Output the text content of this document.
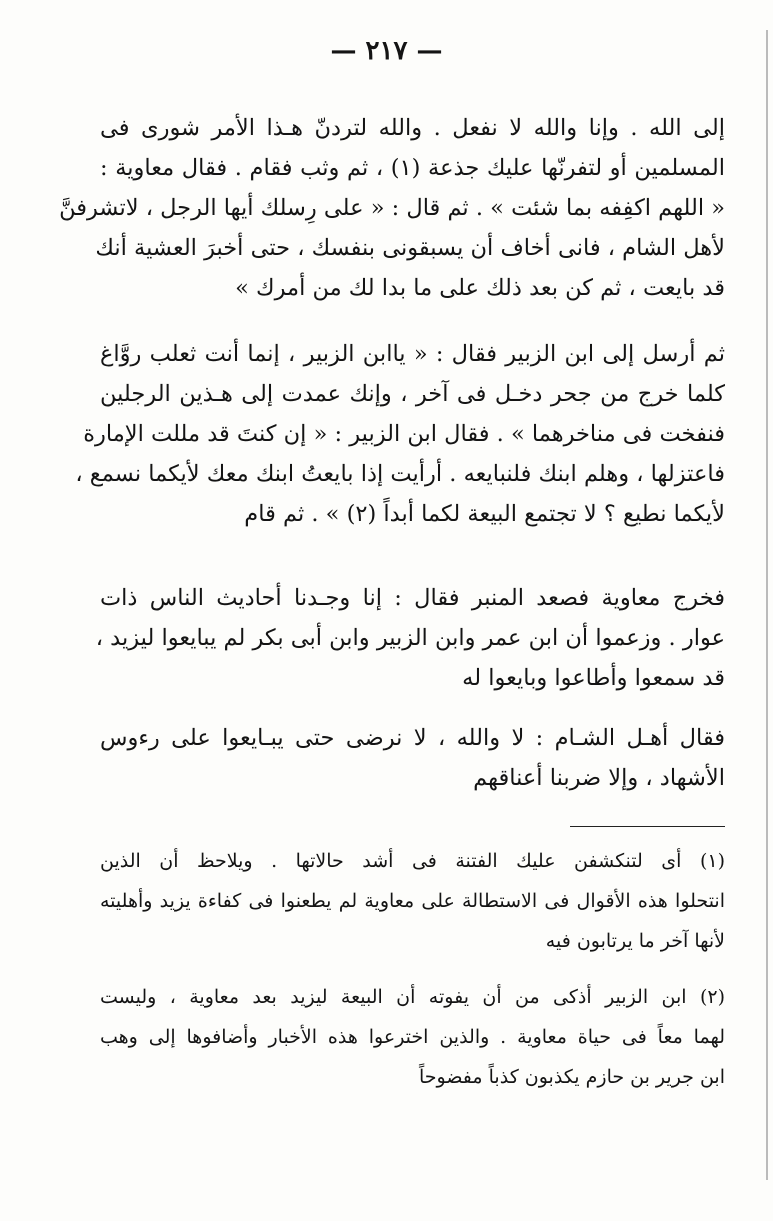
— ٢١٧ —

إلى الله . وإنا والله لا نفعل . والله لتردنّ هـذا الأمر شورى فى
المسلمين أو لتفرنّها عليك جذعة (١) ، ثم وثب فقام . فقال معاوية :
« اللهم اكفِفه بما شئت » . ثم قال : « على رِسلك أيها الرجل ، لاتشرفنَّ
لأهل الشام ، فانى أخاف أن يسبقونى بنفسك ، حتى أخبرَ العشية أنك
قد بايعت ، ثم كن بعد ذلك على ما بدا لك من أمرك »

ثم أرسل إلى ابن الزبير فقال : « ياابن الزبير ، إنما أنت ثعلب روَّاغ
كلما خرج من جحر دخـل فى آخر ، وإنك عمدت إلى هـذين الرجلين
فنفخت فى مناخرهما » . فقال ابن الزبير : « إن كنتَ قد مللت الإمارة
فاعتزلها ، وهلم ابنك فلنبايعه . أرأيت إذا بايعتُ ابنك معك لأيكما نسمع ،
لأيكما نطيع ؟ لا تجتمع البيعة لكما أبداً (٢) » . ثم قام

فخرج معاوية فصعد المنبر فقال : إنا وجـدنا أحاديث الناس ذات
عوار . وزعموا أن ابن عمر وابن الزبير وابن أبى بكر لم يبايعوا ليزيد ،
قد سمعوا وأطاعوا وبايعوا له

فقال أهـل الشـام : لا والله ، لا نرضى حتى يبـايعوا على رءوس
الأشهاد ، وإلا ضربنا أعناقهم

(١) أى لتنكشفن عليك الفتنة فى أشد حالاتها . ويلاحظ أن الذين
انتحلوا هذه الأقوال فى الاستطالة على معاوية لم يطعنوا فى كفاءة يزيد وأهليته
لأنها آخر ما يرتابون فيه

(٢) ابن الزبير أذكى من أن يفوته أن البيعة ليزيد بعد معاوية ، وليست
لهما معاً فى حياة معاوية . والذين اخترعوا هذه الأخبار وأضافوها إلى وهب
ابن جرير بن حازم يكذبون كذباً مفضوحاً
